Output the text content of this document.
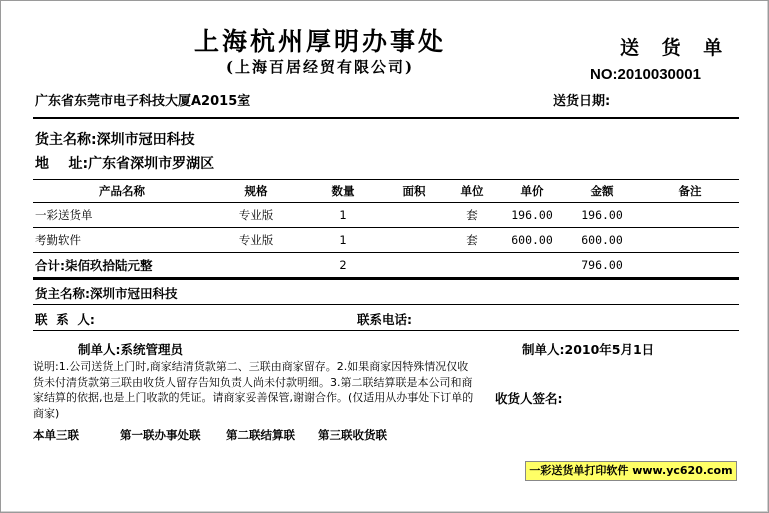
上海杭州厚明办事处
(上海百居经贸有限公司)
送 货 单
NO:2010030001
广东省东莞市电子科技大厦A2015室	送货日期:
货主名称:深圳市冠田科技
地    址:广东省深圳市罗湖区
产品名称	规格	数量	面积	单位	单价	金额	备注
一彩送货单	专业版	1		套	196.00	196.00	
考勤软件	专业版	1		套	600.00	600.00	
合计:柒佰玖拾陆元整		2				796.00	
货主名称:深圳市冠田科技
联  系  人:	联系电话:
制单人:系统管理员	制单人:2010年5月1日
说明:1.公司送货上门时,商家结清货款第二、三联由商家留存。2.如果商家因特殊情况仅收货未付清货款第三联由收货人留存告知负责人尚未付款明细。3.第二联结算联是本公司和商家结算的依据,也是上门收款的凭证。请商家妥善保管,谢谢合作。(仅适用从办事处下订单的商家)
收货人签名:
本单三联	第一联办事处联 第二联结算联 第三联收货联
一彩送货单打印软件 www.yc620.com
